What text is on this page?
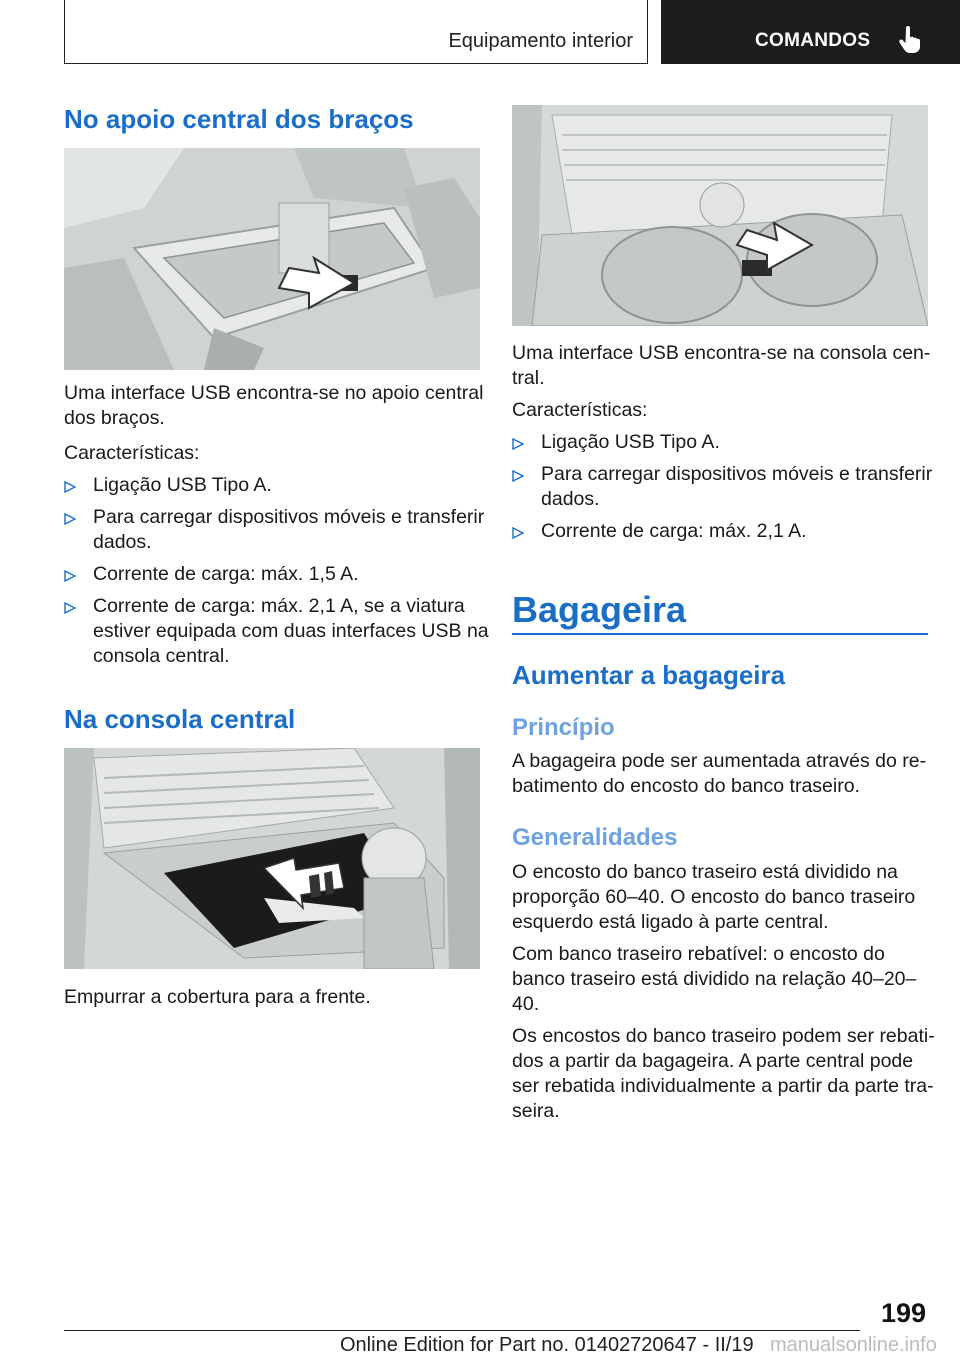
Equipamento interior	COMANDOS
No apoio central dos braços
Uma interface USB encontra-se no apoio central
dos braços.
Características:
Ligação USB Tipo A.
Para carregar dispositivos móveis e transferir
dados.
Corrente de carga: máx. 1,5 A.
Corrente de carga: máx. 2,1 A, se a viatura
estiver equipada com duas interfaces USB na
consola central.
Na consola central
Empurrar a cobertura para a frente.
Uma interface USB encontra-se na consola cen-
tral.
Características:
Ligação USB Tipo A.
Para carregar dispositivos móveis e transferir
dados.
Corrente de carga: máx. 2,1 A.
Bagageira
Aumentar a bagageira
Princípio
A bagageira pode ser aumentada através do re-
batimento do encosto do banco traseiro.
Generalidades
O encosto do banco traseiro está dividido na
proporção 60–40. O encosto do banco traseiro
esquerdo está ligado à parte central.
Com banco traseiro rebatível: o encosto do
banco traseiro está dividido na relação 40–20–
40.
Os encostos do banco traseiro podem ser rebati-
dos a partir da bagageira. A parte central pode
ser rebatida individualmente a partir da parte tra-
seira.
199
Online Edition for Part no. 01402720647 - II/19 manualsonline.info
